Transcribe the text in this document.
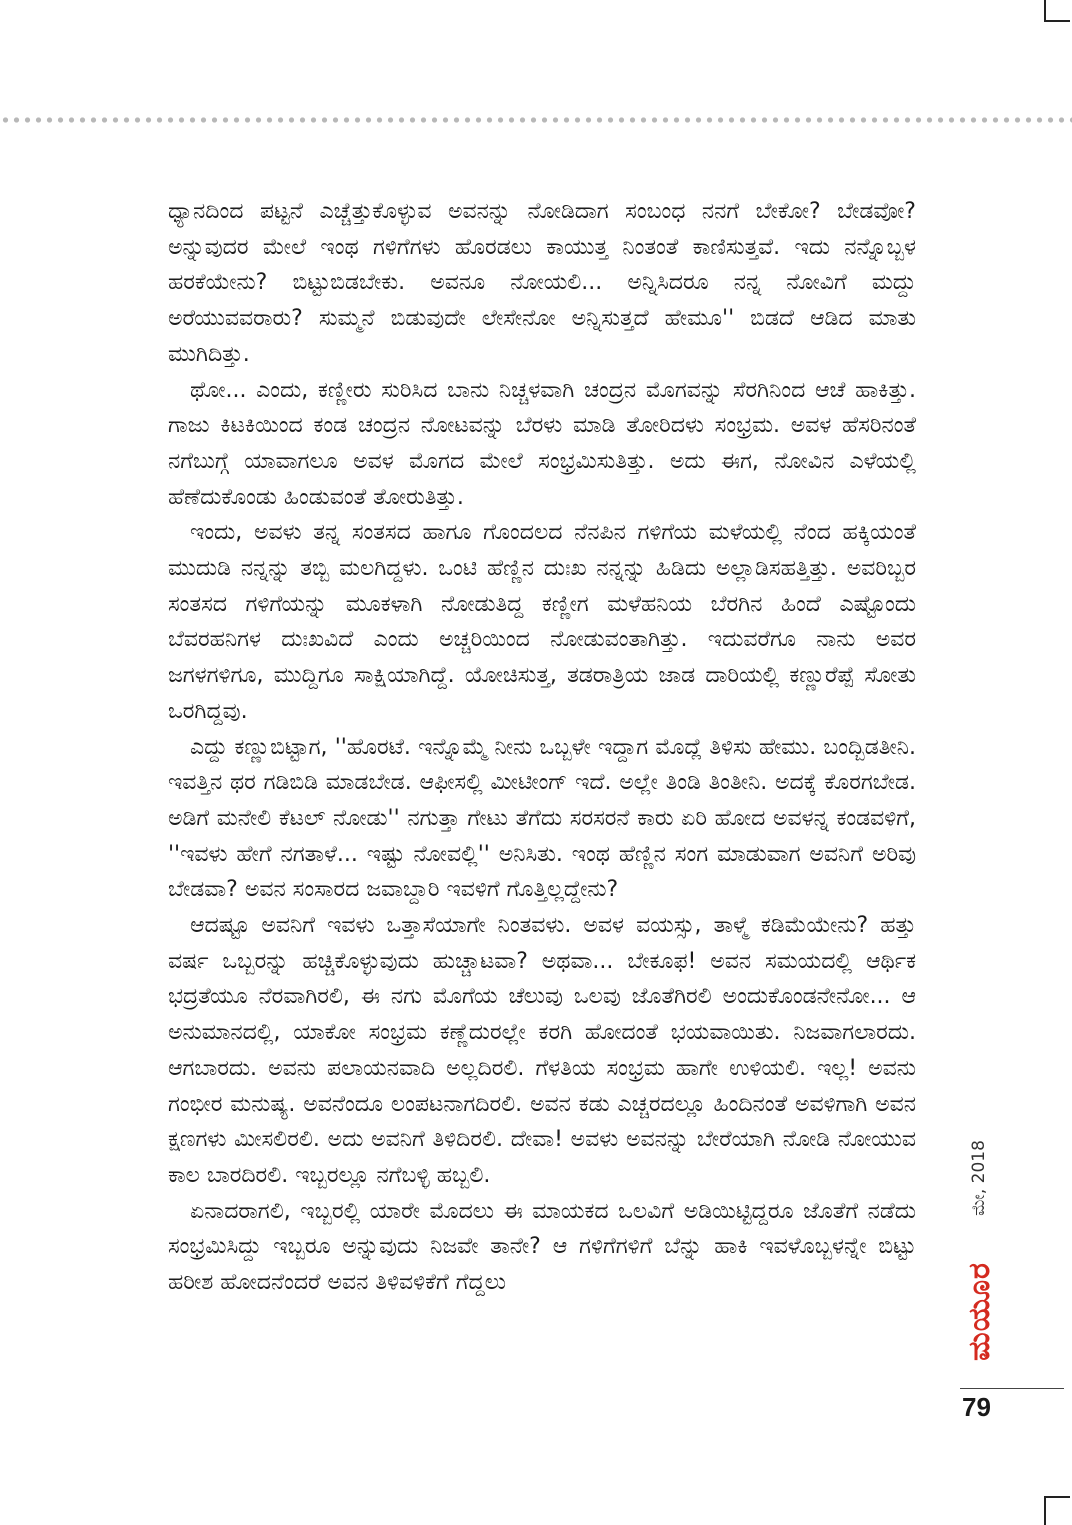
ಧ್ಯಾನದಿಂದ ಪಟ್ಟನೆ ಎಚ್ಚೆತ್ತುಕೊಳ್ಳುವ ಅವನನ್ನು ನೋಡಿದಾಗ ಸಂಬಂಧ ನನಗೆ ಬೇಕೋ? ಬೇಡವೋ? ಅನ್ನುವುದರ ಮೇಲೆ ಇಂಥ ಗಳಿಗೆಗಳು ಹೊರಡಲು ಕಾಯುತ್ತ ನಿಂತಂತೆ ಕಾಣಿಸುತ್ತವೆ. ಇದು ನನ್ನೊಬ್ಬಳ ಹರಕೆಯೇನು? ಬಿಟ್ಟುಬಿಡಬೇಕು. ಅವನೂ ನೋಯಲಿ... ಅನ್ನಿಸಿದರೂ ನನ್ನ ನೋವಿಗೆ ಮದ್ದು ಅರೆಯುವವರಾರು? ಸುಮ್ಮನೆ ಬಿಡುವುದೇ ಲೇಸೇನೋ ಅನ್ನಿಸುತ್ತದೆ ಹೇಮೂ'' ಬಿಡದೆ ಆಡಿದ ಮಾತು ಮುಗಿದಿತ್ತು.

ಥೋ... ಎಂದು, ಕಣ್ಣೀರು ಸುರಿಸಿದ ಬಾನು ನಿಚ್ಚಳವಾಗಿ ಚಂದ್ರನ ಮೊಗವನ್ನು ಸೆರಗಿನಿಂದ ಆಚೆ ಹಾಕಿತ್ತು. ಗಾಜು ಕಿಟಕಿಯಿಂದ ಕಂಡ ಚಂದ್ರನ ನೋಟವನ್ನು ಬೆರಳು ಮಾಡಿ ತೋರಿದಳು ಸಂಭ್ರಮ. ಅವಳ ಹೆಸರಿನಂತೆ ನಗೆಬುಗ್ಗೆ ಯಾವಾಗಲೂ ಅವಳ ಮೊಗದ ಮೇಲೆ ಸಂಭ್ರಮಿಸುತಿತ್ತು. ಅದು ಈಗ, ನೋವಿನ ಎಳೆಯಲ್ಲಿ ಹೆಣೆದುಕೊಂಡು ಹಿಂಡುವಂತೆ ತೋರುತಿತ್ತು.

ಇಂದು, ಅವಳು ತನ್ನ ಸಂತಸದ ಹಾಗೂ ಗೊಂದಲದ ನೆನಪಿನ ಗಳಿಗೆಯ ಮಳೆಯಲ್ಲಿ ನೆಂದ ಹಕ್ಕಿಯಂತೆ ಮುದುಡಿ ನನ್ನನ್ನು ತಬ್ಬಿ ಮಲಗಿದ್ದಳು. ಒಂಟಿ ಹೆಣ್ಣಿನ ದುಃಖ ನನ್ನನ್ನು ಹಿಡಿದು ಅಲ್ಲಾಡಿಸಹತ್ತಿತ್ತು. ಅವರಿಬ್ಬರ ಸಂತಸದ ಗಳಿಗೆಯನ್ನು ಮೂಕಳಾಗಿ ನೋಡುತಿದ್ದ ಕಣ್ಣೀಗ ಮಳೆಹನಿಯ ಬೆರಗಿನ ಹಿಂದೆ ಎಷ್ಟೊಂದು ಬೆವರಹನಿಗಳ ದುಃಖವಿದೆ ಎಂದು ಅಚ್ಚರಿಯಿಂದ ನೋಡುವಂತಾಗಿತ್ತು. ಇದುವರೆಗೂ ನಾನು ಅವರ ಜಗಳಗಳಿಗೂ, ಮುದ್ದಿಗೂ ಸಾಕ್ಷಿಯಾಗಿದ್ದೆ. ಯೋಚಿಸುತ್ತ, ತಡರಾತ್ರಿಯ ಜಾಡ ದಾರಿಯಲ್ಲಿ ಕಣ್ಣುರೆಪ್ಪೆ ಸೋತು ಒರಗಿದ್ದವು.

ಎದ್ದು ಕಣ್ಣುಬಿಟ್ಟಾಗ, ''ಹೊರಟೆ. ಇನ್ನೊಮ್ಮೆ ನೀನು ಒಬ್ಬಳೇ ಇದ್ದಾಗ ಮೊದ್ಲೆ ತಿಳಿಸು ಹೇಮು. ಬಂದ್ಬಿಡತೀನಿ. ಇವತ್ತಿನ ಥರ ಗಡಿಬಿಡಿ ಮಾಡಬೇಡ. ಆಫೀಸಲ್ಲಿ ಮೀಟೀಂಗ್ ಇದೆ. ಅಲ್ಲೇ ತಿಂಡಿ ತಿಂತೀನಿ. ಅದಕ್ಕೆ ಕೊರಗಬೇಡ. ಅಡಿಗೆ ಮನೇಲಿ ಕೆಟಲ್ ನೋಡು'' ನಗುತ್ತಾ ಗೇಟು ತೆಗೆದು ಸರಸರನೆ ಕಾರು ಏರಿ ಹೋದ ಅವಳನ್ನ ಕಂಡವಳಿಗೆ, ''ಇವಳು ಹೇಗೆ ನಗತಾಳೆ... ಇಷ್ಟು ನೋವಲ್ಲಿ'' ಅನಿಸಿತು. ಇಂಥ ಹೆಣ್ಣಿನ ಸಂಗ ಮಾಡುವಾಗ ಅವನಿಗೆ ಅರಿವು ಬೇಡವಾ? ಅವನ ಸಂಸಾರದ ಜವಾಬ್ದಾರಿ ಇವಳಿಗೆ ಗೊತ್ತಿಲ್ಲದ್ದೇನು?

ಆದಷ್ಟೂ ಅವನಿಗೆ ಇವಳು ಒತ್ತಾಸೆಯಾಗೇ ನಿಂತವಳು. ಅವಳ ವಯಸ್ಸು, ತಾಳ್ಮೆ ಕಡಿಮೆಯೇನು? ಹತ್ತು ವರ್ಷ ಒಬ್ಬರನ್ನು ಹಚ್ಚಿಕೊಳ್ಳುವುದು ಹುಚ್ಚಾಟವಾ? ಅಥವಾ... ಬೇಕೂಫ! ಅವನ ಸಮಯದಲ್ಲಿ ಆರ್ಥಿಕ ಭದ್ರತೆಯೂ ನೆರವಾಗಿರಲಿ, ಈ ನಗು ಮೊಗೆಯ ಚೆಲುವು ಒಲವು ಜೊತೆಗಿರಲಿ ಅಂದುಕೊಂಡನೇನೋ... ಆ ಅನುಮಾನದಲ್ಲಿ, ಯಾಕೋ ಸಂಭ್ರಮ ಕಣ್ಣೆದುರಲ್ಲೇ ಕರಗಿ ಹೋದಂತೆ ಭಯವಾಯಿತು. ನಿಜವಾಗಲಾರದು. ಆಗಬಾರದು. ಅವನು ಪಲಾಯನವಾದಿ ಅಲ್ಲದಿರಲಿ. ಗೆಳತಿಯ ಸಂಭ್ರಮ ಹಾಗೇ ಉಳಿಯಲಿ. ಇಲ್ಲ! ಅವನು ಗಂಭೀರ ಮನುಷ್ಯ. ಅವನೆಂದೂ ಲಂಪಟನಾಗದಿರಲಿ. ಅವನ ಕಡು ಎಚ್ಚರದಲ್ಲೂ ಹಿಂದಿನಂತೆ ಅವಳಿಗಾಗಿ ಅವನ ಕ್ಷಣಗಳು ಮೀಸಲಿರಲಿ. ಅದು ಅವನಿಗೆ ತಿಳಿದಿರಲಿ. ದೇವಾ! ಅವಳು ಅವನನ್ನು ಬೇರೆಯಾಗಿ ನೋಡಿ ನೋಯುವ ಕಾಲ ಬಾರದಿರಲಿ. ಇಬ್ಬರಲ್ಲೂ ನಗೆಬಳ್ಳಿ ಹಬ್ಬಲಿ.

ಏನಾದರಾಗಲಿ, ಇಬ್ಬರಲ್ಲಿ ಯಾರೇ ಮೊದಲು ಈ ಮಾಯಕದ ಒಲವಿಗೆ ಅಡಿಯಿಟ್ಟಿದ್ದರೂ ಜೊತೆಗೆ ನಡೆದು ಸಂಭ್ರಮಿಸಿದ್ದು ಇಬ್ಬರೂ ಅನ್ನುವುದು ನಿಜವೇ ತಾನೇ? ಆ ಗಳಿಗೆಗಳಿಗೆ ಬೆನ್ನು ಹಾಕಿ ಇವಳೊಬ್ಬಳನ್ನೇ ಬಿಟ್ಟು ಹರೀಶ ಹೋದನೆಂದರೆ ಅವನ ತಿಳಿವಳಿಕೆಗೆ ಗೆದ್ದಲು

ಮೇ, 2018
ಮಯೂರ
79
